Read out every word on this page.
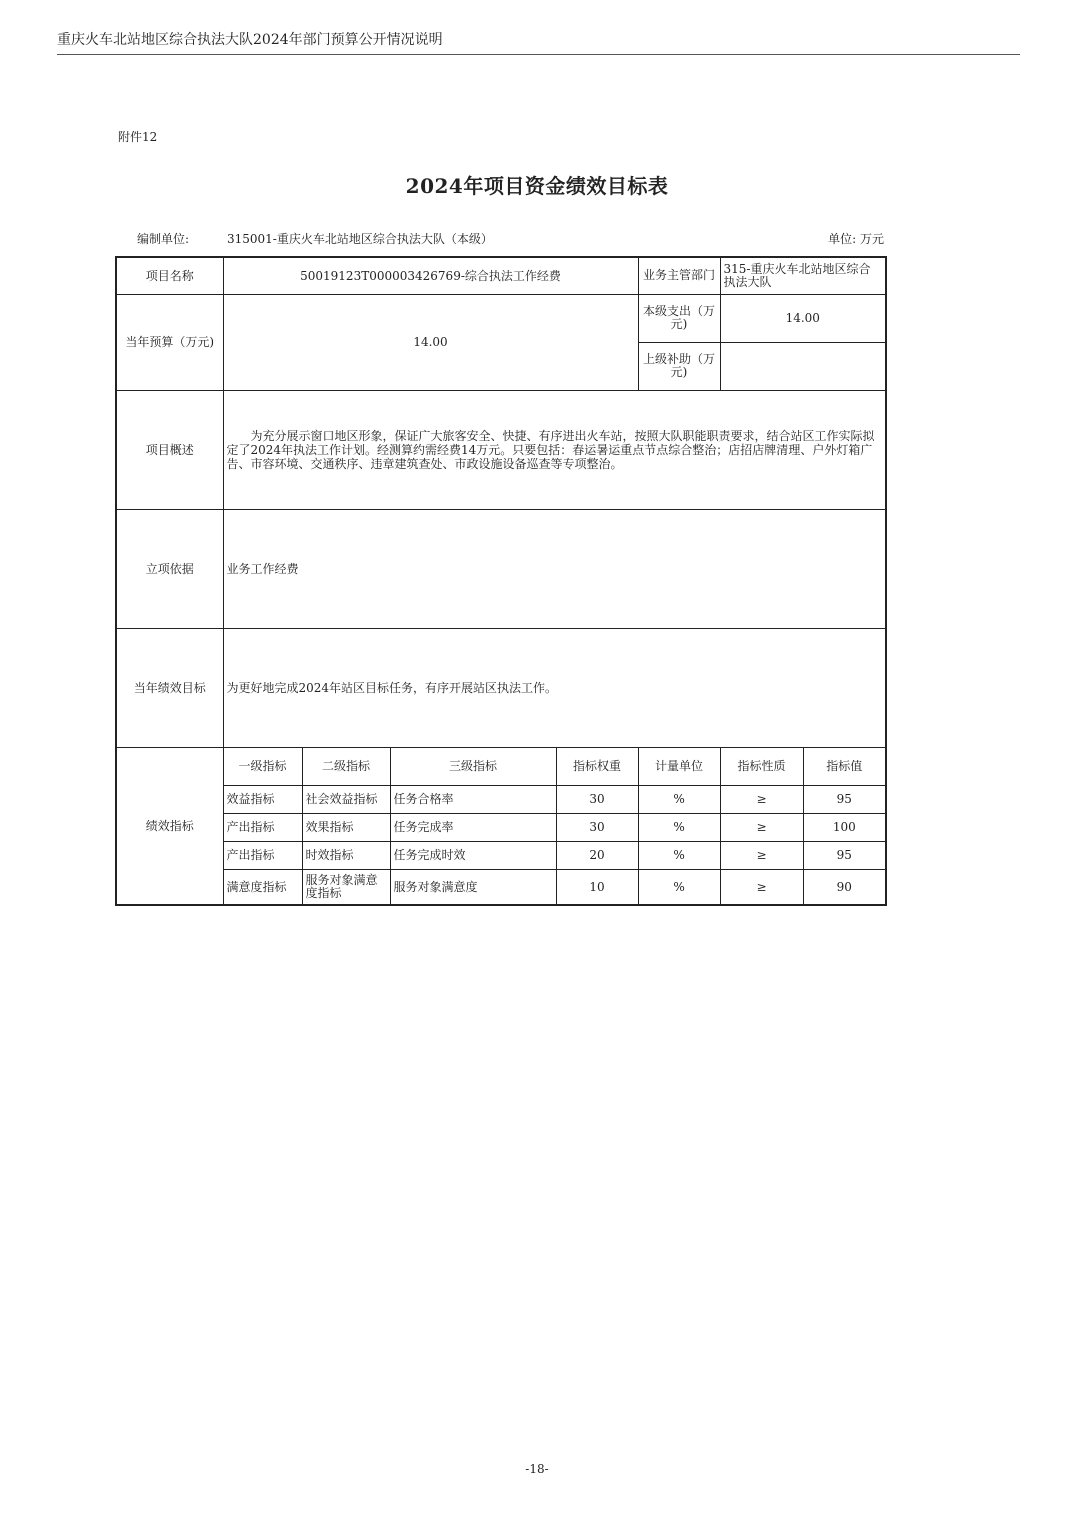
重庆火车北站地区综合执法大队2024年部门预算公开情况说明
附件12
2024年项目资金绩效目标表
编制单位:	315001-重庆火车北站地区综合执法大队（本级）	单位: 万元
项目名称	50019123T000003426769-综合执法工作经费				业务主管部门	315-重庆火车北站地区综合执法大队	
当年预算（万元)	14.00				本级支出（万元)	14.00	
					上级补助（万元)		
项目概述	为充分展示窗口地区形象，保证广大旅客安全、快捷、有序进出火车站，按照大队职能职责要求，结合站区工作实际拟定了2024年执法工作计划。经测算约需经费14万元。只要包括：春运暑运重点节点综合整治；店招店牌清理、户外灯箱广告、市容环境、交通秩序、违章建筑查处、市政设施设备巡查等专项整治。						
立项依据	业务工作经费						
当年绩效目标	为更好地完成2024年站区目标任务，有序开展站区执法工作。						
绩效指标	一级指标	二级指标	三级指标	指标权重	计量单位	指标性质	指标值
	效益指标	社会效益指标	任务合格率	30	%	≥	95
	产出指标	效果指标	任务完成率	30	%	≥	100
	产出指标	时效指标	任务完成时效	20	%	≥	95
	满意度指标	服务对象满意度指标	服务对象满意度	10	%	≥	90
-18-
